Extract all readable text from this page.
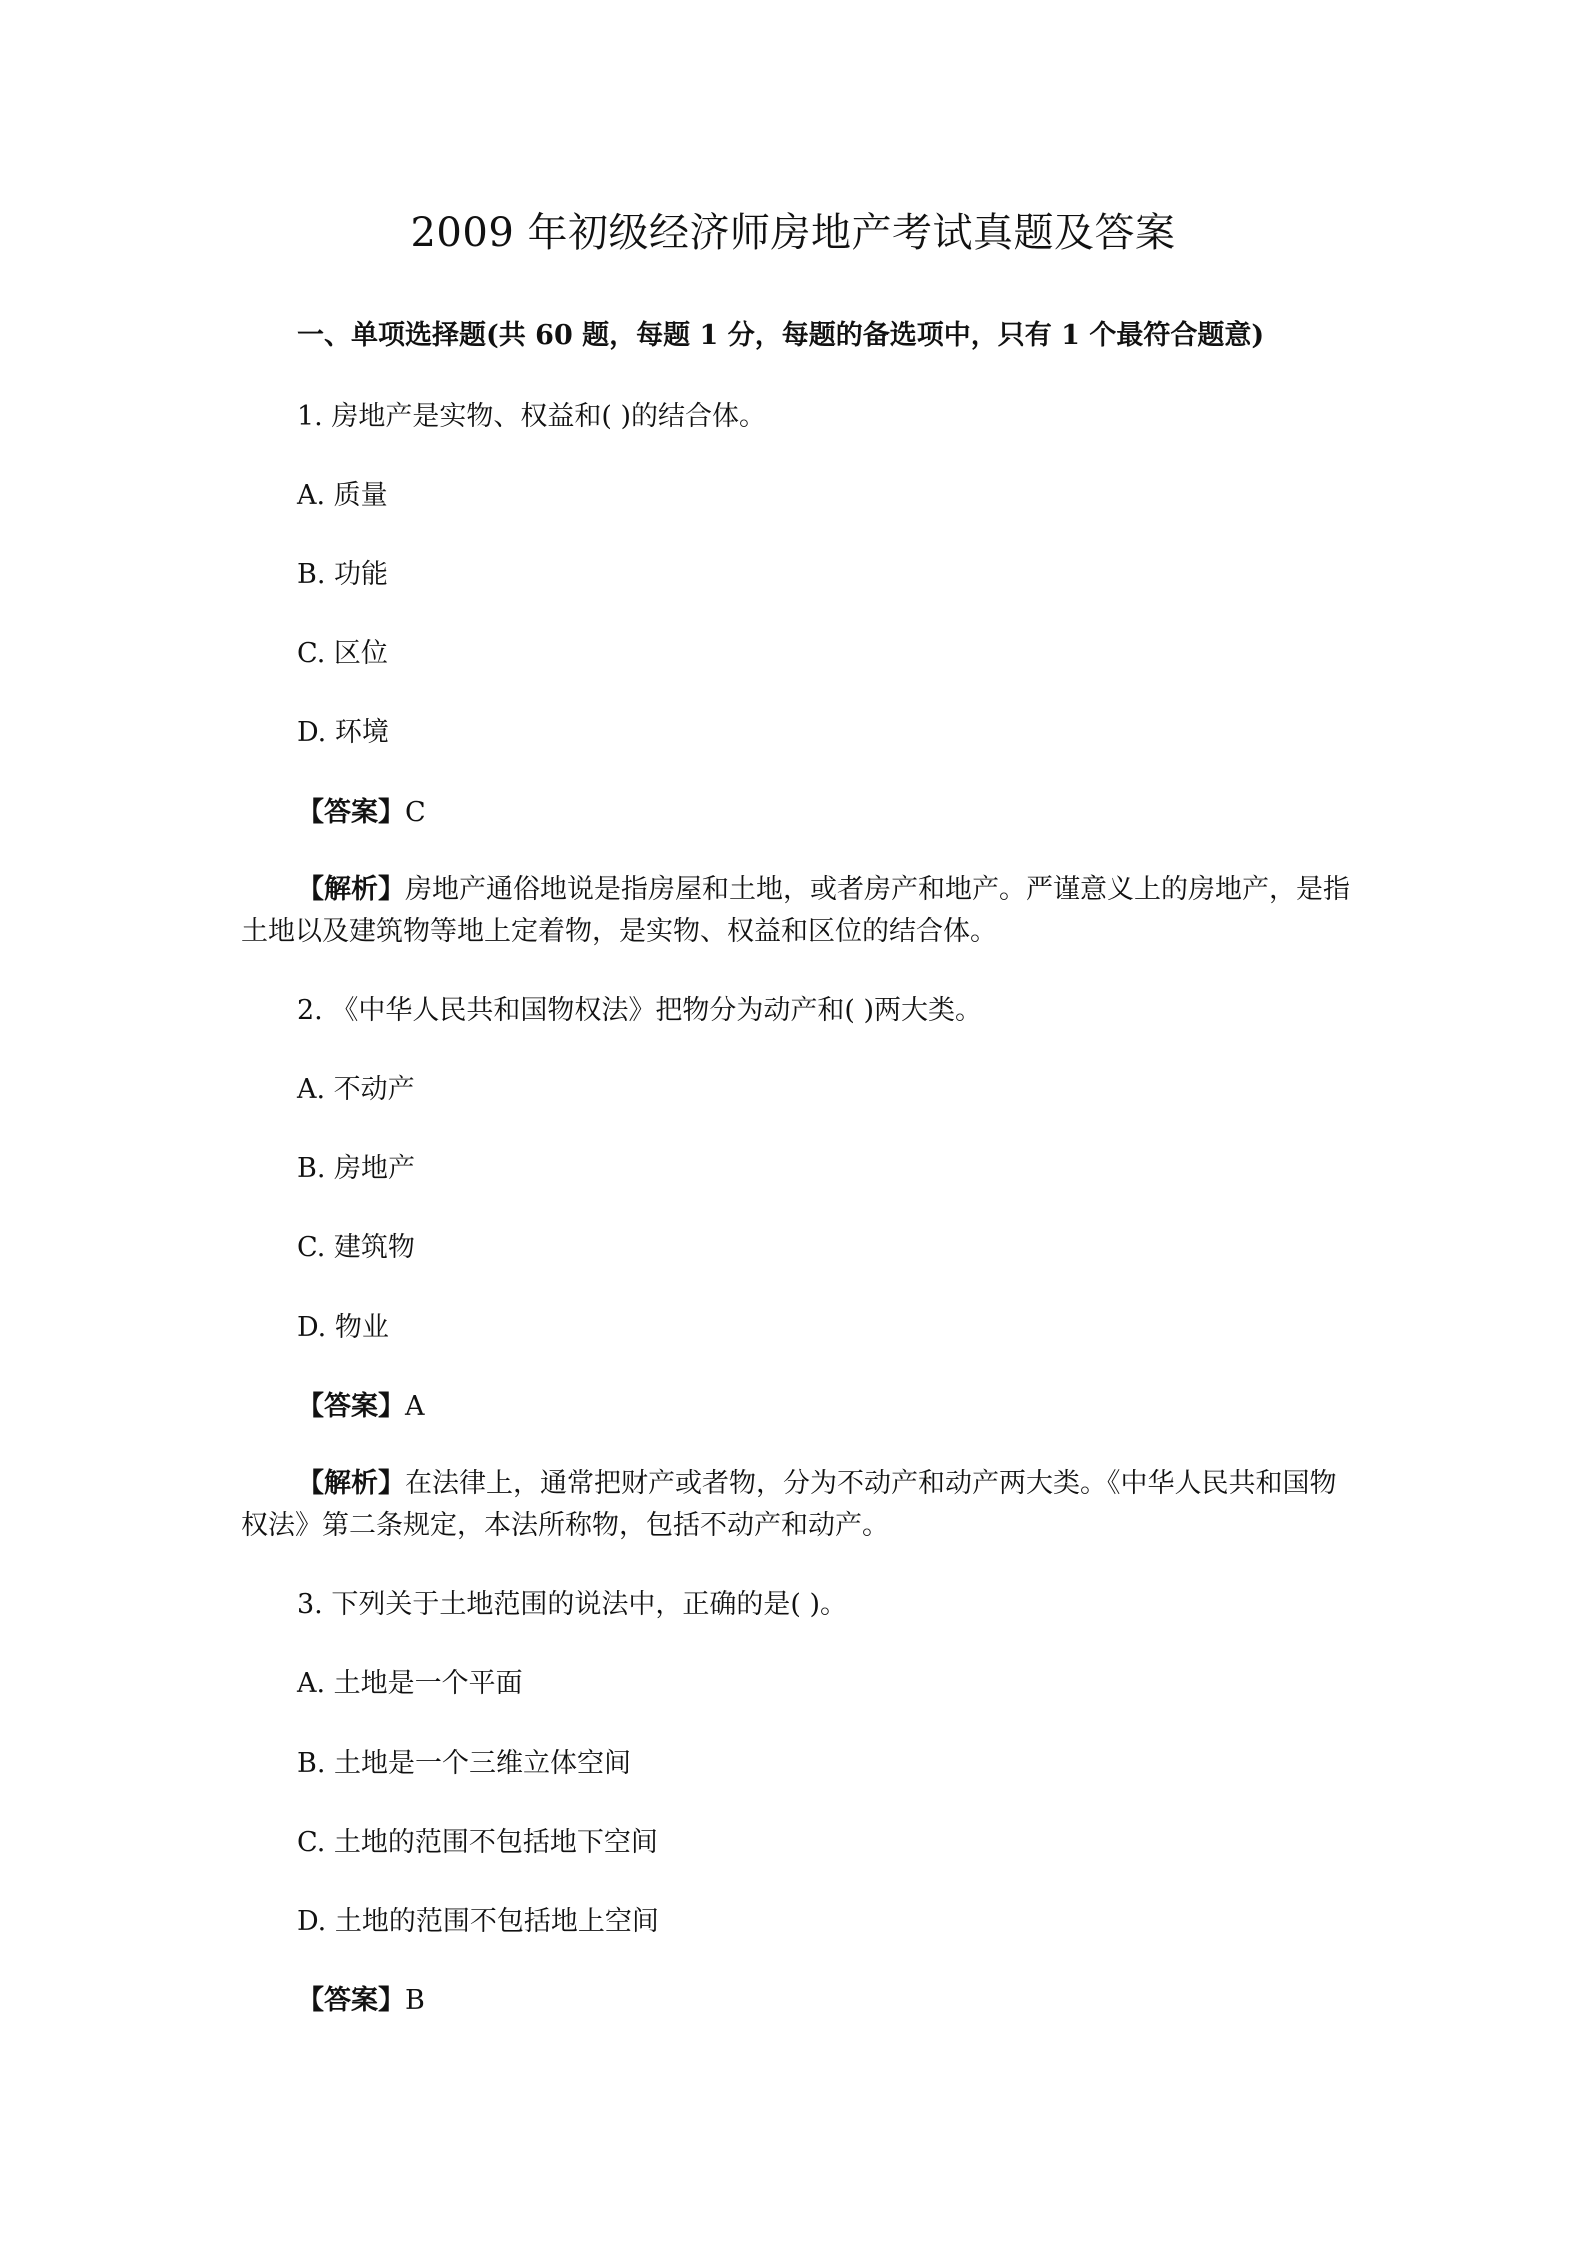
2009 年初级经济师房地产考试真题及答案

一、单项选择题(共 60 题，每题 1 分，每题的备选项中，只有 1 个最符合题意)

1. 房地产是实物、权益和( )的结合体。

A. 质量

B. 功能

C. 区位

D. 环境

【答案】C

【解析】房地产通俗地说是指房屋和土地，或者房产和地产。严谨意义上的房地产，是指土地以及建筑物等地上定着物，是实物、权益和区位的结合体。

2. 《中华人民共和国物权法》把物分为动产和( )两大类。

A. 不动产

B. 房地产

C. 建筑物

D. 物业

【答案】A

【解析】在法律上，通常把财产或者物，分为不动产和动产两大类。《中华人民共和国物权法》第二条规定，本法所称物，包括不动产和动产。

3. 下列关于土地范围的说法中，正确的是( )。

A. 土地是一个平面

B. 土地是一个三维立体空间

C. 土地的范围不包括地下空间

D. 土地的范围不包括地上空间

【答案】B
